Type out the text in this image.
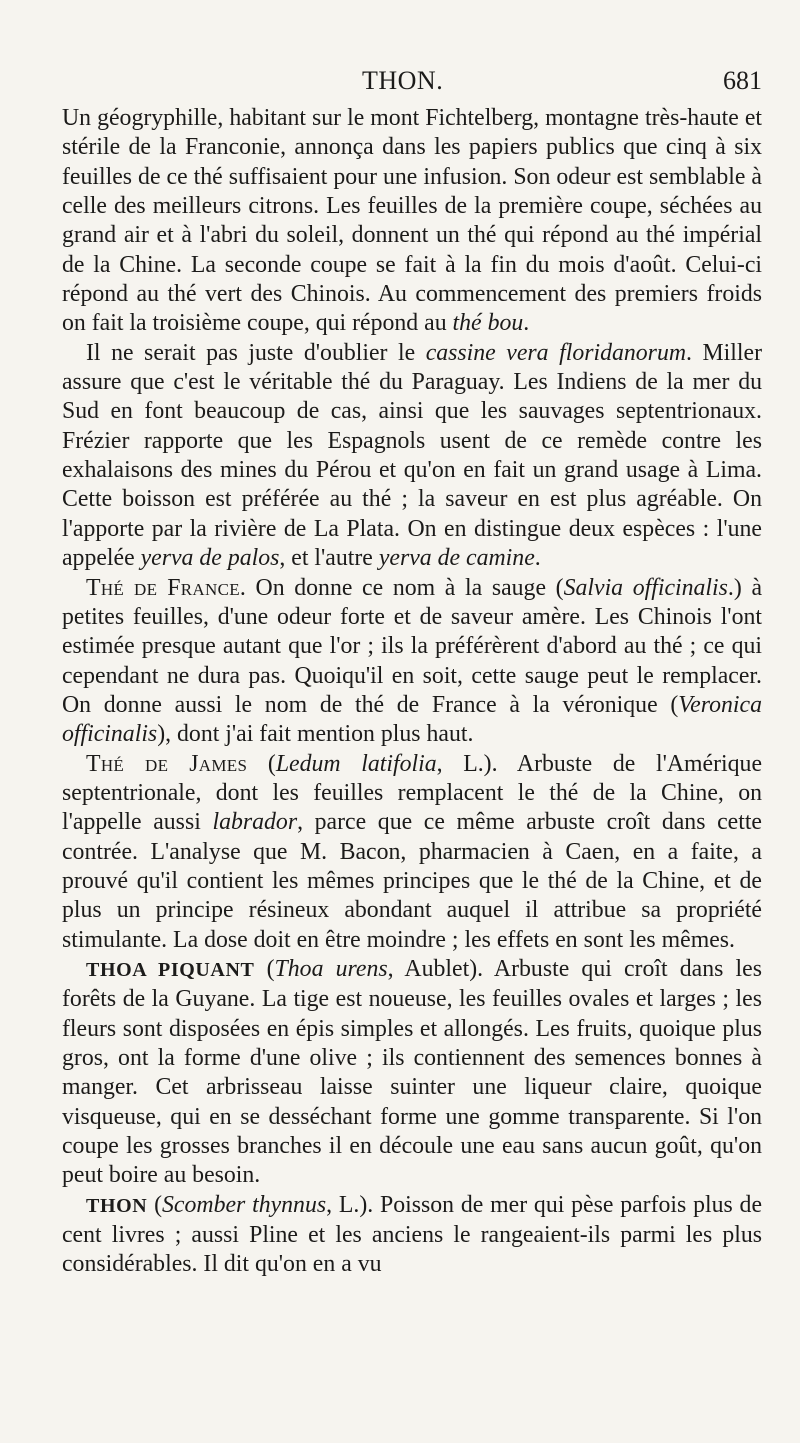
THON.	681

Un géogryphille, habitant sur le mont Fichtelberg, montagne très-haute et stérile de la Franconie, annonça dans les papiers publics que cinq à six feuilles de ce thé suffisaient pour une infusion. Son odeur est semblable à celle des meilleurs citrons. Les feuilles de la première coupe, séchées au grand air et à l'abri du soleil, donnent un thé qui répond au thé impérial de la Chine. La seconde coupe se fait à la fin du mois d'août. Celui-ci répond au thé vert des Chinois. Au commencement des premiers froids on fait la troisième coupe, qui répond au thé bou.

Il ne serait pas juste d'oublier le cassine vera floridanorum. Miller assure que c'est le véritable thé du Paraguay. Les Indiens de la mer du Sud en font beaucoup de cas, ainsi que les sauvages septentrionaux. Frézier rapporte que les Espagnols usent de ce remède contre les exhalaisons des mines du Pérou et qu'on en fait un grand usage à Lima. Cette boisson est préférée au thé ; la saveur en est plus agréable. On l'apporte par la rivière de La Plata. On en distingue deux espèces : l'une appelée yerva de palos, et l'autre yerva de camine.

Thé de France. On donne ce nom à la sauge (Salvia officinalis.) à petites feuilles, d'une odeur forte et de saveur amère. Les Chinois l'ont estimée presque autant que l'or ; ils la préférèrent d'abord au thé ; ce qui cependant ne dura pas. Quoiqu'il en soit, cette sauge peut le remplacer. On donne aussi le nom de thé de France à la véronique (Veronica officinalis), dont j'ai fait mention plus haut.

Thé de James (Ledum latifolia, L.). Arbuste de l'Amérique septentrionale, dont les feuilles remplacent le thé de la Chine, on l'appelle aussi labrador, parce que ce même arbuste croît dans cette contrée. L'analyse que M. Bacon, pharmacien à Caen, en a faite, a prouvé qu'il contient les mêmes principes que le thé de la Chine, et de plus un principe résineux abondant auquel il attribue sa propriété stimulante. La dose doit en être moindre ; les effets en sont les mêmes.

THOA PIQUANT (Thoa urens, Aublet). Arbuste qui croît dans les forêts de la Guyane. La tige est noueuse, les feuilles ovales et larges ; les fleurs sont disposées en épis simples et allongés. Les fruits, quoique plus gros, ont la forme d'une olive ; ils contiennent des semences bonnes à manger. Cet arbrisseau laisse suinter une liqueur claire, quoique visqueuse, qui en se desséchant forme une gomme transparente. Si l'on coupe les grosses branches il en découle une eau sans aucun goût, qu'on peut boire au besoin.

THON (Scomber thynnus, L.). Poisson de mer qui pèse parfois plus de cent livres ; aussi Pline et les anciens le rangeaient-ils parmi les plus considérables. Il dit qu'on en a vu
